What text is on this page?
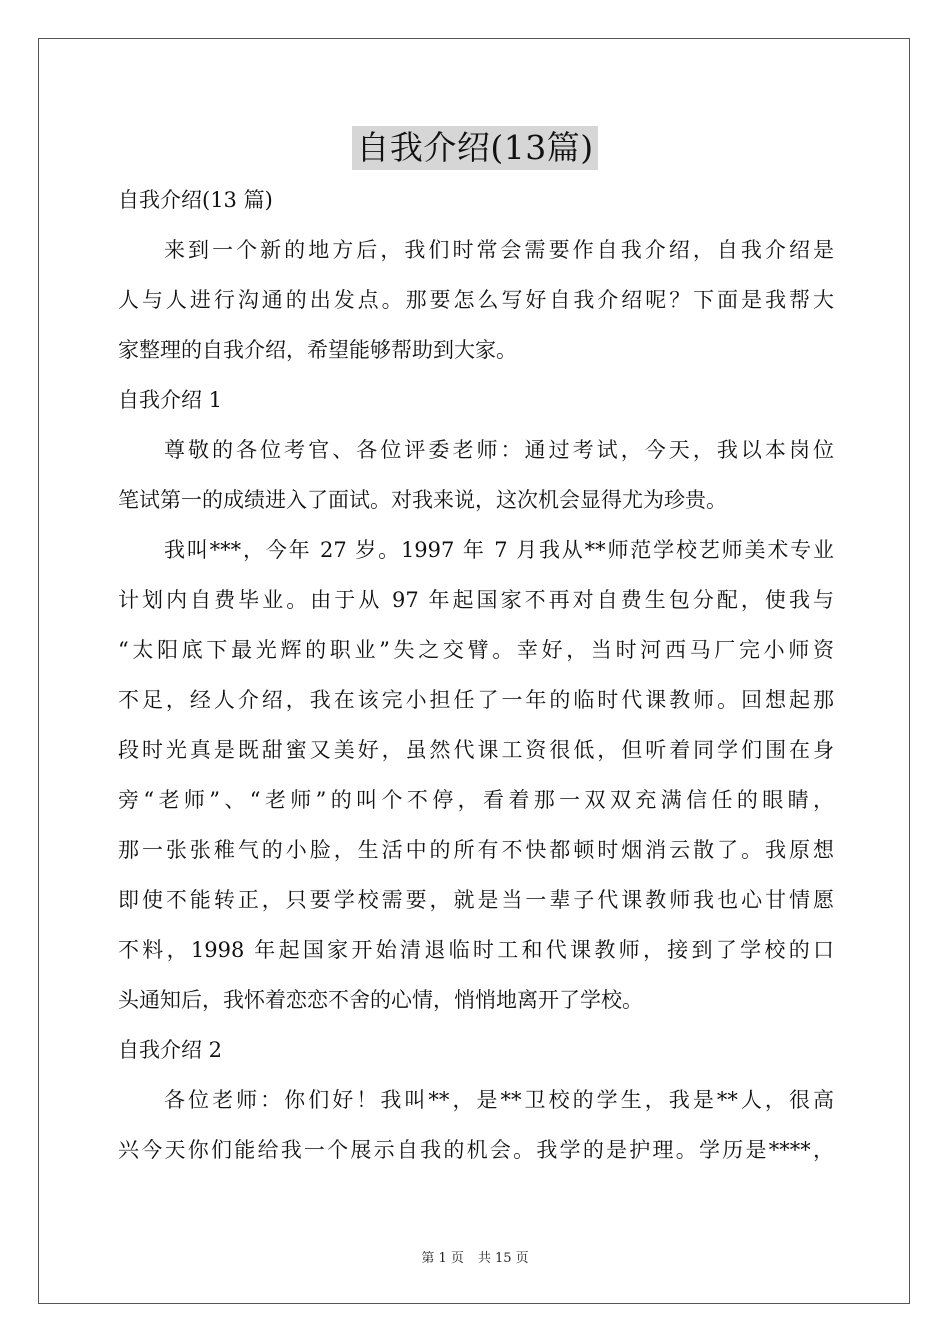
自我介绍(13篇)
自我介绍(13 篇)
来到一个新的地方后，我们时常会需要作自我介绍，自我介绍是
人与人进行沟通的出发点。那要怎么写好自我介绍呢？下面是我帮大
家整理的自我介绍，希望能够帮助到大家。
自我介绍 1
尊敬的各位考官、各位评委老师：通过考试，今天，我以本岗位
笔试第一的成绩进入了面试。对我来说，这次机会显得尤为珍贵。
我叫***，今年 27 岁。1997 年 7 月我从**师范学校艺师美术专业
计划内自费毕业。由于从 97 年起国家不再对自费生包分配，使我与
“太阳底下最光辉的职业”失之交臂。幸好，当时河西马厂完小师资
不足，经人介绍，我在该完小担任了一年的临时代课教师。回想起那
段时光真是既甜蜜又美好，虽然代课工资很低，但听着同学们围在身
旁“老师”、“老师”的叫个不停，看着那一双双充满信任的眼睛，
那一张张稚气的小脸，生活中的所有不快都顿时烟消云散了。我原想
即使不能转正，只要学校需要，就是当一辈子代课教师我也心甘情愿
不料，1998 年起国家开始清退临时工和代课教师，接到了学校的口
头通知后，我怀着恋恋不舍的心情，悄悄地离开了学校。
自我介绍 2
各位老师：你们好！我叫**，是**卫校的学生，我是**人，很高
兴今天你们能给我一个展示自我的机会。我学的是护理。学历是****，
第 1 页 共 15 页
